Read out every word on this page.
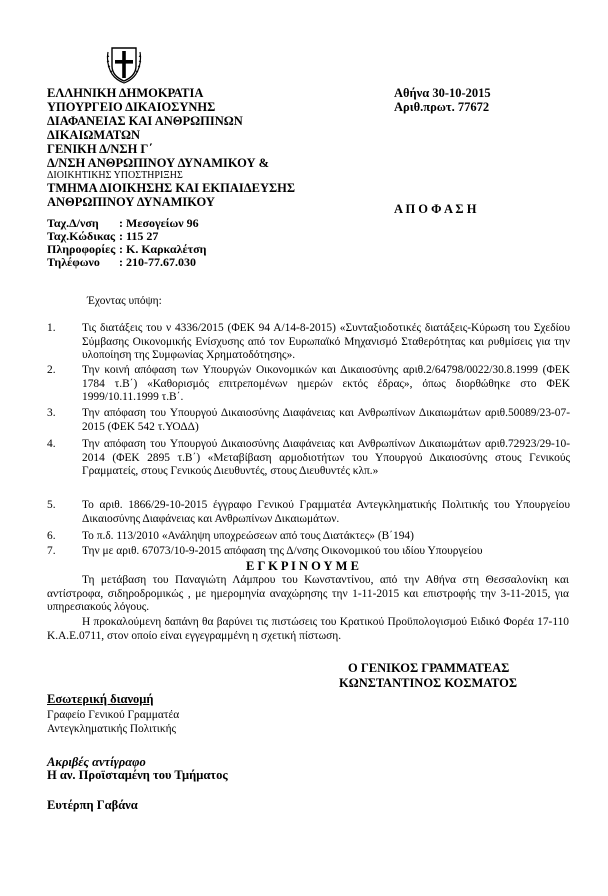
ΕΛΛΗΝΙΚΗ ΔΗΜΟΚΡΑΤΙΑ
ΥΠΟΥΡΓΕΙΟ ΔΙΚΑΙΟΣΥΝΗΣ
ΔΙΑΦΑΝΕΙΑΣ ΚΑΙ ΑΝΘΡΩΠΙΝΩΝ
ΔΙΚΑΙΩΜΑΤΩΝ
ΓΕΝΙΚΗ Δ/ΝΣΗ Γ΄
Δ/ΝΣΗ ΑΝΘΡΩΠΙΝΟΥ ΔΥΝΑΜΙΚΟΥ &
ΔΙΟΙΚΗΤΙΚΗΣ ΥΠΟΣΤΗΡΙΞΗΣ
ΤΜΗΜΑ ΔΙΟΙΚΗΣΗΣ ΚΑΙ ΕΚΠΑΙΔΕΥΣΗΣ
ΑΝΘΡΩΠΙΝΟΥ ΔΥΝΑΜΙΚΟΥ
Αθήνα 30-10-2015
Αριθ.πρωτ. 77672
Α Π Ο Φ Α Σ Η
Ταχ.Δ/νση : Μεσογείων 96
Ταχ.Κώδικας : 115 27
Πληροφορίες : Κ. Καρκαλέτση
Τηλέφωνο : 210-77.67.030
Έχοντας υπόψη:
1. Τις διατάξεις του ν 4336/2015 (ΦΕΚ 94 Α/14-8-2015) «Συνταξιοδοτικές διατάξεις-Κύρωση του Σχεδίου Σύμβασης Οικονομικής Ενίσχυσης από τον Ευρωπαϊκό Μηχανισμό Σταθερότητας και ρυθμίσεις για την υλοποίηση της Συμφωνίας Χρηματοδότησης».
2. Την κοινή απόφαση των Υπουργών Οικονομικών και Δικαιοσύνης αριθ.2/64798/0022/30.8.1999 (ΦΕΚ 1784 τ.Β΄) «Καθορισμός επιτρεπομένων ημερών εκτός έδρας», όπως διορθώθηκε στο ΦΕΚ 1999/10.11.1999 τ.Β΄.
3. Την απόφαση του Υπουργού Δικαιοσύνης Διαφάνειας και Ανθρωπίνων Δικαιωμάτων αριθ.50089/23-07-2015 (ΦΕΚ 542 τ.ΥΟΔΔ)
4. Την απόφαση του Υπουργού Δικαιοσύνης Διαφάνειας και Ανθρωπίνων Δικαιωμάτων αριθ.72923/29-10-2014 (ΦΕΚ 2895 τ.Β΄) «Μεταβίβαση αρμοδιοτήτων του Υπουργού Δικαιοσύνης στους Γενικούς Γραμματείς, στους Γενικούς Διευθυντές, στους Διευθυντές κλπ.»
5. Το αριθ. 1866/29-10-2015 έγγραφο Γενικού Γραμματέα Αντεγκληματικής Πολιτικής του Υπουργείου Δικαιοσύνης Διαφάνειας και Ανθρωπίνων Δικαιωμάτων.
6. Το π.δ. 113/2010 «Ανάληψη υποχρεώσεων από τους Διατάκτες» (Β΄194)
7. Την με αριθ. 67073/10-9-2015 απόφαση της Δ/νσης Οικονομικού του ιδίου Υπουργείου
Ε Γ Κ Ρ Ι Ν Ο Υ Μ Ε
Τη μετάβαση του Παναγιώτη Λάμπρου του Κωνσταντίνου, από την Αθήνα στη Θεσσαλονίκη και αντίστροφα, σιδηροδρομικώς , με ημερομηνία αναχώρησης την 1-11-2015 και επιστροφής την 3-11-2015, για υπηρεσιακούς λόγους.
Η προκαλούμενη δαπάνη θα βαρύνει τις πιστώσεις του Κρατικού Προϋπολογισμού Ειδικό Φορέα 17-110 Κ.Α.Ε.0711, στον οποίο είναι εγγεγραμμένη η σχετική πίστωση.
Ο ΓΕΝΙΚΟΣ ΓΡΑΜΜΑΤΕΑΣ
ΚΩΝΣΤΑΝΤΙΝΟΣ ΚΟΣΜΑΤΟΣ
Εσωτερική διανομή
Γραφείο Γενικού Γραμματέα
Αντεγκληματικής Πολιτικής
Ακριβές αντίγραφο
Η αν. Προϊσταμένη του Τμήματος
Ευτέρπη Γαβάνα
